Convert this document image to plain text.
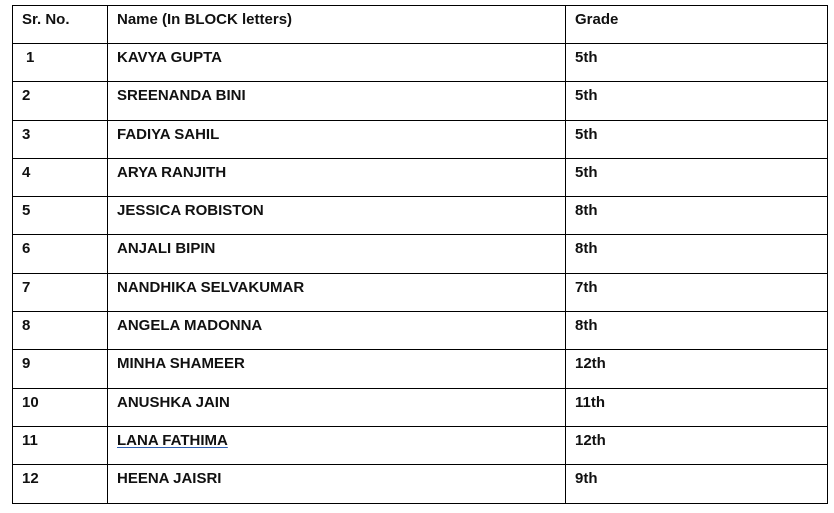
Sr. No.	Name (In BLOCK letters)	Grade
1	KAVYA GUPTA	5th
2	SREENANDA BINI	5th
3	FADIYA SAHIL	5th
4	ARYA RANJITH	5th
5	JESSICA ROBISTON	8th
6	ANJALI BIPIN	8th
7	NANDHIKA SELVAKUMAR	7th
8	ANGELA MADONNA	8th
9	MINHA SHAMEER	12th
10	ANUSHKA JAIN	11th
11	LANA FATHIMA	12th
12	HEENA JAISRI	9th
